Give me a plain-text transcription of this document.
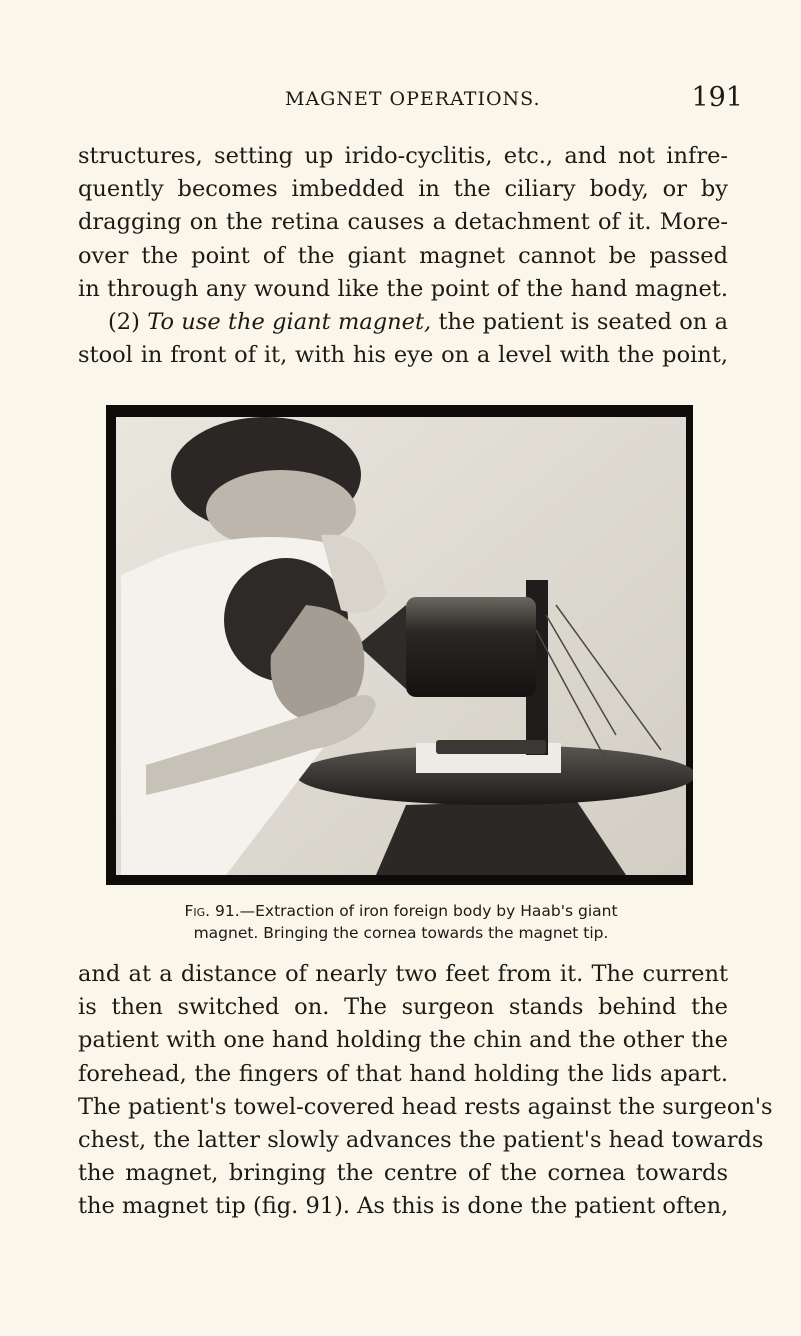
MAGNET OPERATIONS.	191

structures, setting up irido-cyclitis, etc., and not infre-
quently becomes imbedded in the ciliary body, or by
dragging on the retina causes a detachment of it. More-
over the point of the giant magnet cannot be passed
in through any wound like the point of the hand magnet.

(2) To use the giant magnet, the patient is seated on a
stool in front of it, with his eye on a level with the point,

Fig. 91.—Extraction of iron foreign body by Haab's giant
magnet. Bringing the cornea towards the magnet tip.

and at a distance of nearly two feet from it. The current
is then switched on. The surgeon stands behind the
patient with one hand holding the chin and the other the
forehead, the fingers of that hand holding the lids apart.
The patient's towel-covered head rests against the surgeon's
chest, the latter slowly advances the patient's head towards
the magnet, bringing the centre of the cornea towards
the magnet tip (fig. 91). As this is done the patient often,
